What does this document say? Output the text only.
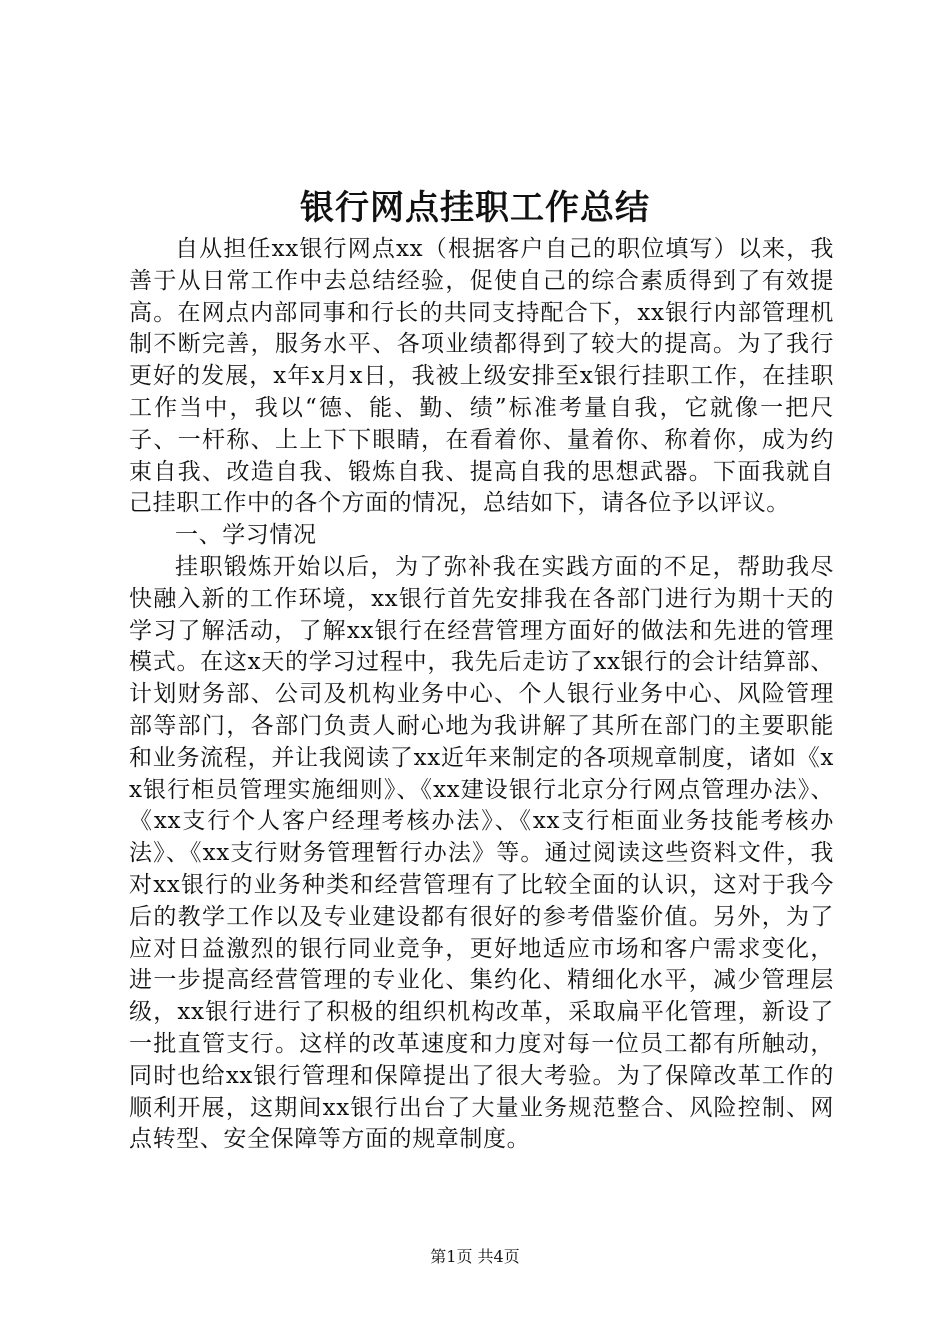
银行网点挂职工作总结

自从担任xx银行网点xx（根据客户自己的职位填写）以来，我善于从日常工作中去总结经验，促使自己的综合素质得到了有效提高。在网点内部同事和行长的共同支持配合下，xx银行内部管理机制不断完善，服务水平、各项业绩都得到了较大的提高。为了我行更好的发展，x年x月x日，我被上级安排至x银行挂职工作，在挂职工作当中，我以“德、能、勤、绩”标准考量自我，它就像一把尺子、一杆称、上上下下眼睛，在看着你、量着你、称着你，成为约束自我、改造自我、锻炼自我、提高自我的思想武器。下面我就自己挂职工作中的各个方面的情况，总结如下，请各位予以评议。

一、学习情况

挂职锻炼开始以后，为了弥补我在实践方面的不足，帮助我尽快融入新的工作环境，xx银行首先安排我在各部门进行为期十天的学习了解活动，了解xx银行在经营管理方面好的做法和先进的管理模式。在这x天的学习过程中，我先后走访了xx银行的会计结算部、计划财务部、公司及机构业务中心、个人银行业务中心、风险管理部等部门，各部门负责人耐心地为我讲解了其所在部门的主要职能和业务流程，并让我阅读了xx近年来制定的各项规章制度，诸如《xx银行柜员管理实施细则》、《xx建设银行北京分行网点管理办法》、《xx支行个人客户经理考核办法》、《xx支行柜面业务技能考核办法》、《xx支行财务管理暂行办法》等。通过阅读这些资料文件，我对xx银行的业务种类和经营管理有了比较全面的认识，这对于我今后的教学工作以及专业建设都有很好的参考借鉴价值。另外，为了应对日益激烈的银行同业竞争，更好地适应市场和客户需求变化，进一步提高经营管理的专业化、集约化、精细化水平，减少管理层级，xx银行进行了积极的组织机构改革，采取扁平化管理，新设了一批直管支行。这样的改革速度和力度对每一位员工都有所触动，同时也给xx银行管理和保障提出了很大考验。为了保障改革工作的顺利开展，这期间xx银行出台了大量业务规范整合、风险控制、网点转型、安全保障等方面的规章制度。

第1页 共4页
